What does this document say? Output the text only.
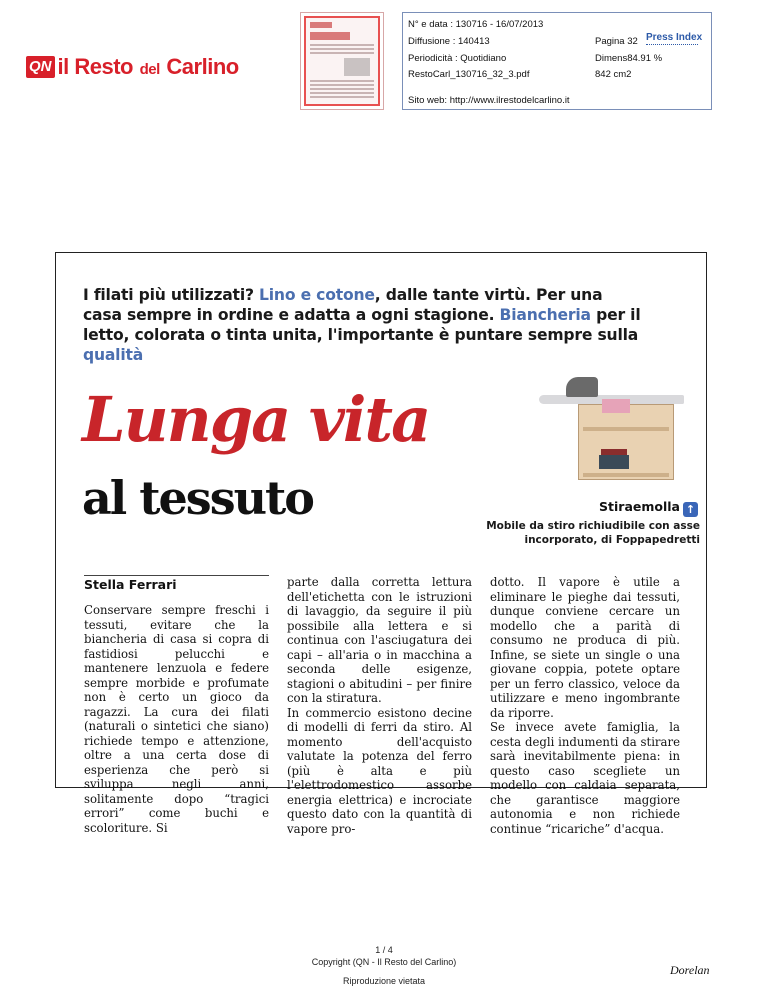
QN il Resto del Carlino
N° e data : 130716 - 16/07/2013
Diffusione : 140413
Periodicità : Quotidiano
RestoCarl_130716_32_3.pdf
Pagina 32
Dimens84.91 %
842 cm2
Sito web: http://www.ilrestodelcarlino.it
Press Index

I filati più utilizzati? Lino e cotone, dalle tante virtù. Per una casa sempre in ordine e adatta a ogni stagione. Biancheria per il letto, colorata o tinta unita, l'importante è puntare sempre sulla qualità

Lunga vita
al tessuto	Stiraemolla ↑

Mobile da stiro richiudibile con asse incorporato, di Foppapedretti

Stella Ferrari

Conservare sempre freschi i tessuti, evitare che la biancheria di casa si copra di fastidiosi pelucchi e mantenere lenzuola e federe sempre morbide e profumate non è certo un gioco da ragazzi. La cura dei filati (naturali o sintetici che siano) richiede tempo e attenzione, oltre a una certa dose di esperienza che però si sviluppa negli anni, solitamente dopo “tragici errori” come buchi e scoloriture. Si

parte dalla corretta lettura dell'etichetta con le istruzioni di lavaggio, da seguire il più possibile alla lettera e si continua con l'asciugatura dei capi – all'aria o in macchina a seconda delle esigenze, stagioni o abitudini – per finire con la stiratura.

In commercio esistono decine di modelli di ferri da stiro. Al momento dell'acquisto valutate la potenza del ferro (più è alta e più l'elettrodomestico assorbe energia elettrica) e incrociate questo dato con la quantità di vapore pro-

dotto. Il vapore è utile a eliminare le pieghe dai tessuti, dunque conviene cercare un modello che a parità di consumo ne produca di più. Infine, se siete un single o una giovane coppia, potete optare per un ferro classico, veloce da utilizzare e meno ingombrante da riporre.

Se invece avete famiglia, la cesta degli indumenti da stirare sarà inevitabilmente piena: in questo caso scegliete un modello con caldaia separata, che garantisce maggiore autonomia e non richiede continue “ricariche” d'acqua.

1 / 4
Copyright (QN - Il Resto del Carlino)
Riproduzione vietata
Dorelan
